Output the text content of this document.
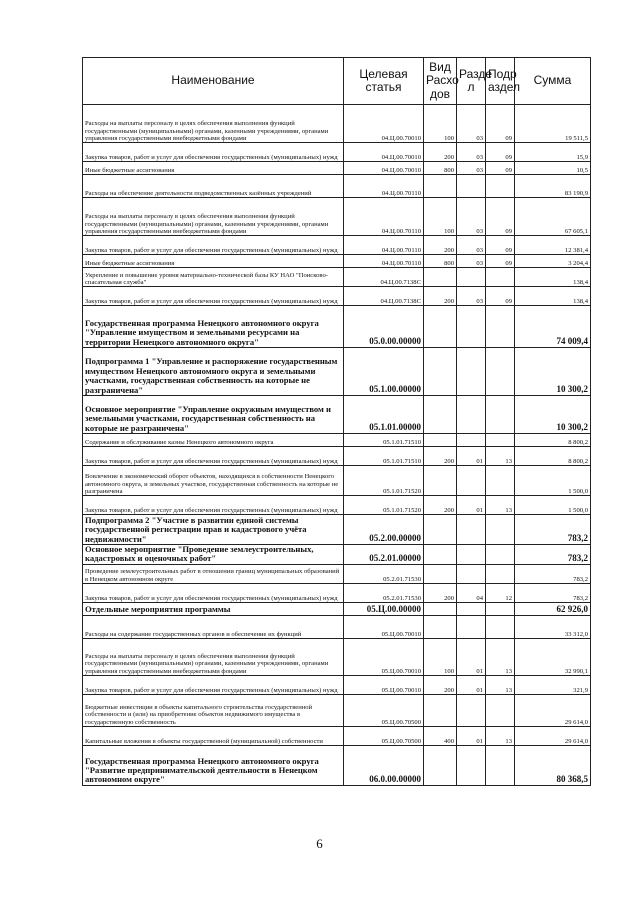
Наименование	Целевая статья	Вид Расхо дов	Разде л	Подр аздел	Сумма
Расходы на выплаты персоналу в целях обеспечения выполнения функций государственными (муниципальными) органами, казенными учреждениями, органами управления государственными внебюджетными фондами	04.Ц.00.70010	100	03	09	19 511,5
Закупка товаров, работ и услуг для обеспечения государственных (муниципальных) нужд	04.Ц.00.70010	200	03	09	15,9
Иные бюджетные ассигнования	04.Ц.00.70010	800	03	09	10,5
Расходы на обеспечение деятельности подведомственных казённых учреждений	04.Ц.00.70110				83 190,9
Расходы на выплаты персоналу в целях обеспечения выполнения функций государственными (муниципальными) органами, казенными учреждениями, органами управления государственными внебюджетными фондами	04.Ц.00.70110	100	03	09	67 605,1
Закупка товаров, работ и услуг для обеспечения государственных (муниципальных) нужд	04.Ц.00.70110	200	03	09	12 381,4
Иные бюджетные ассигнования	04.Ц.00.70110	800	03	09	3 204,4
Укрепление и повышение уровня материально-технической базы КУ НАО "Поисково-спасательная служба"	04.Ц.00.7138С				138,4
Закупка товаров, работ и услуг для обеспечения государственных (муниципальных) нужд	04.Ц.00.7138С	200	03	09	138,4
Государственная программа Ненецкого автономного округа "Управление имуществом и земельными ресурсами на территории Ненецкого автономного округа"	05.0.00.00000				74 009,4
Подпрограмма 1 "Управление и распоряжение государственным имуществом Ненецкого автономного округа и земельными участками, государственная собственность на которые не разграничена"	05.1.00.00000				10 300,2
Основное мероприятие "Управление окружным имуществом и земельными участками, государственная собственность на которые не разграничена"	05.1.01.00000				10 300,2
Содержание и обслуживание казны Ненецкого автономного округа	05.1.01.71510				8 800,2
Закупка товаров, работ и услуг для обеспечения государственных (муниципальных) нужд	05.1.01.71510	200	01	13	8 800,2
Вовлечение в экономический оборот объектов, находящихся в собственности Ненецкого автономного округа, и земельных участков, государственная собственность на которые не разграничена	05.1.01.71520				1 500,0
Закупка товаров, работ и услуг для обеспечения государственных (муниципальных) нужд	05.1.01.71520	200	01	13	1 500,0
Подпрограмма 2 "Участие в развитии единой системы государственной регистрации прав и кадастрового учёта недвижимости"	05.2.00.00000				783,2
Основное мероприятие "Проведение землеустроительных, кадастровых и оценочных работ"	05.2.01.00000				783,2
Проведение землеустроительных работ в отношении границ муниципальных образований в Ненецком автономном округе	05.2.01.71530				783,2
Закупка товаров, работ и услуг для обеспечения государственных (муниципальных) нужд	05.2.01.71530	200	04	12	783,2
Отдельные мероприятия программы	05.Ц.00.00000				62 926,0
Расходы на содержание государственных органов и обеспечение их функций	05.Ц.00.70010				33 312,0
Расходы на выплаты персоналу в целях обеспечения выполнения функций государственными (муниципальными) органами, казенными учреждениями, органами управления государственными внебюджетными фондами	05.Ц.00.70010	100	01	13	32 990,1
Закупка товаров, работ и услуг для обеспечения государственных (муниципальных) нужд	05.Ц.00.70010	200	01	13	321,9
Бюджетные инвестиции в объекты капитального строительства государственной собственности и (или) на приобретение объектов недвижимого имущества в государственную собственность	05.Ц.00.70500				29 614,0
Капитальные вложения в объекты государственной (муниципальной) собственности	05.Ц.00.70500	400	01	13	29 614,0
Государственная программа Ненецкого автономного округа "Развитие предпринимательской деятельности в Ненецком автономном округе"	06.0.00.00000				80 368,5
6
